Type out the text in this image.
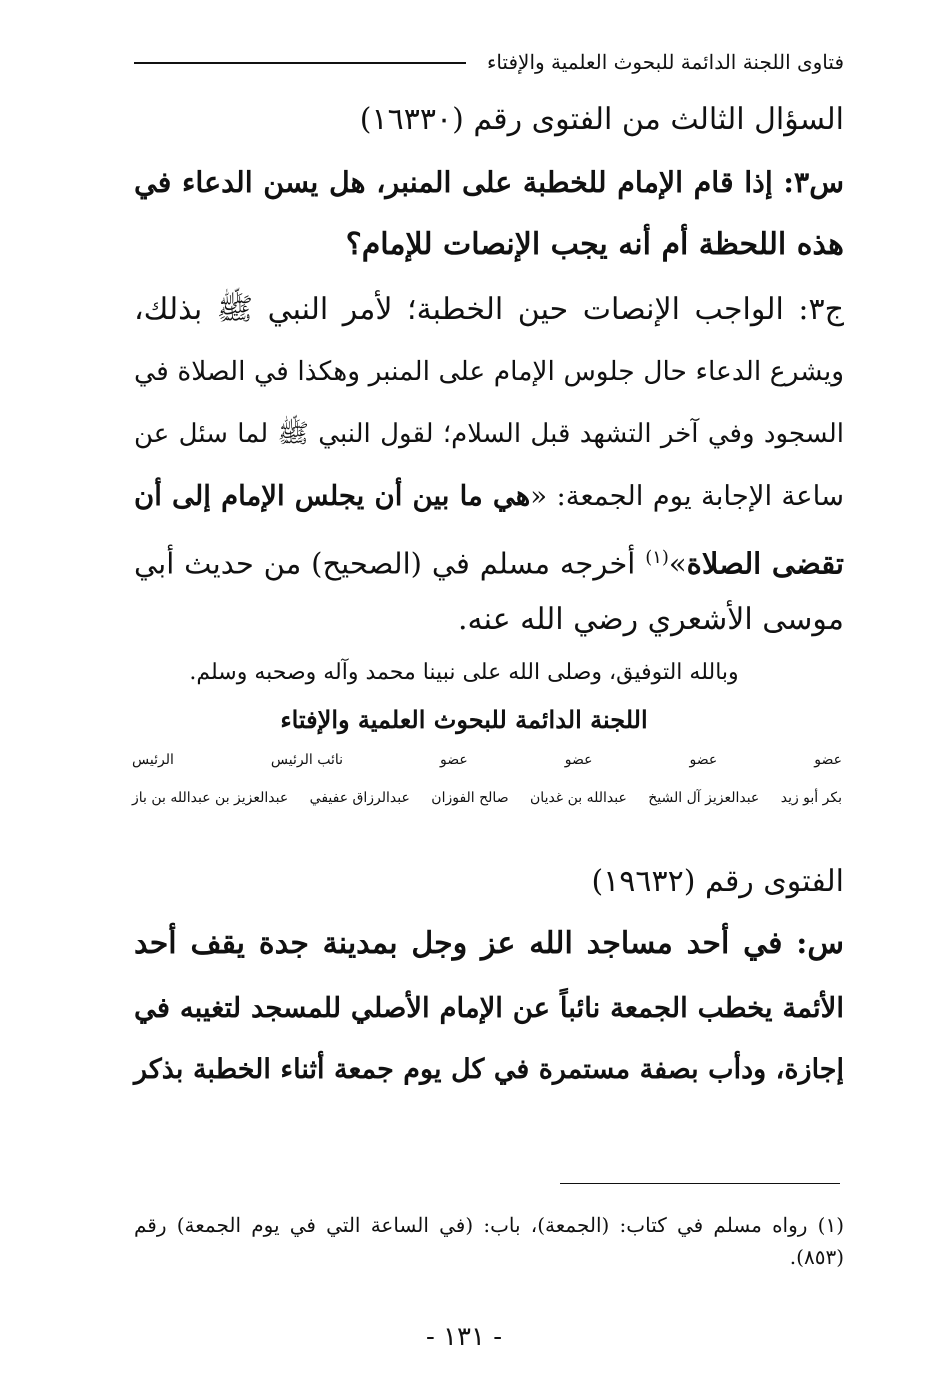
فتاوى اللجنة الدائمة للبحوث العلمية والإفتاء
السؤال الثالث من الفتوى رقم (١٦٣٣٠)
س٣: إذا قام الإمام للخطبة على المنبر، هل يسن الدعاء في
هذه اللحظة أم أنه يجب الإنصات للإمام؟
ج٣: الواجب الإنصات حين الخطبة؛ لأمر النبي ﷺ بذلك،
ويشرع الدعاء حال جلوس الإمام على المنبر وهكذا في الصلاة في
السجود وفي آخر التشهد قبل السلام؛ لقول النبي ﷺ لما سئل عن
ساعة الإجابة يوم الجمعة: «هي ما بين أن يجلس الإمام إلى أن
تقضى الصلاة»$^{(١)}$ أخرجه مسلم في (الصحيح) من حديث أبي
موسى الأشعري رضي الله عنه.
وبالله التوفيق، وصلى الله على نبينا محمد وآله وصحبه وسلم.
اللجنة الدائمة للبحوث العلمية والإفتاء
عضو
عضو
عضو
عضو
نائب الرئيس
الرئيس
بكر أبو زيد
عبدالعزيز آل الشيخ
عبدالله بن غديان
صالح الفوزان
عبدالرزاق عفيفي
عبدالعزيز بن عبدالله بن باز
الفتوى رقم (١٩٦٣٢)
س: في أحد مساجد الله عز وجل بمدينة جدة يقف أحد
الأئمة يخطب الجمعة نائباً عن الإمام الأصلي للمسجد لتغيبه في
إجازة، ودأب بصفة مستمرة في كل يوم جمعة أثناء الخطبة بذكر
(١) رواه مسلم في كتاب: (الجمعة)، باب: (في الساعة التي في يوم الجمعة) رقم
(٨٥٣).
- ١٣١ -
